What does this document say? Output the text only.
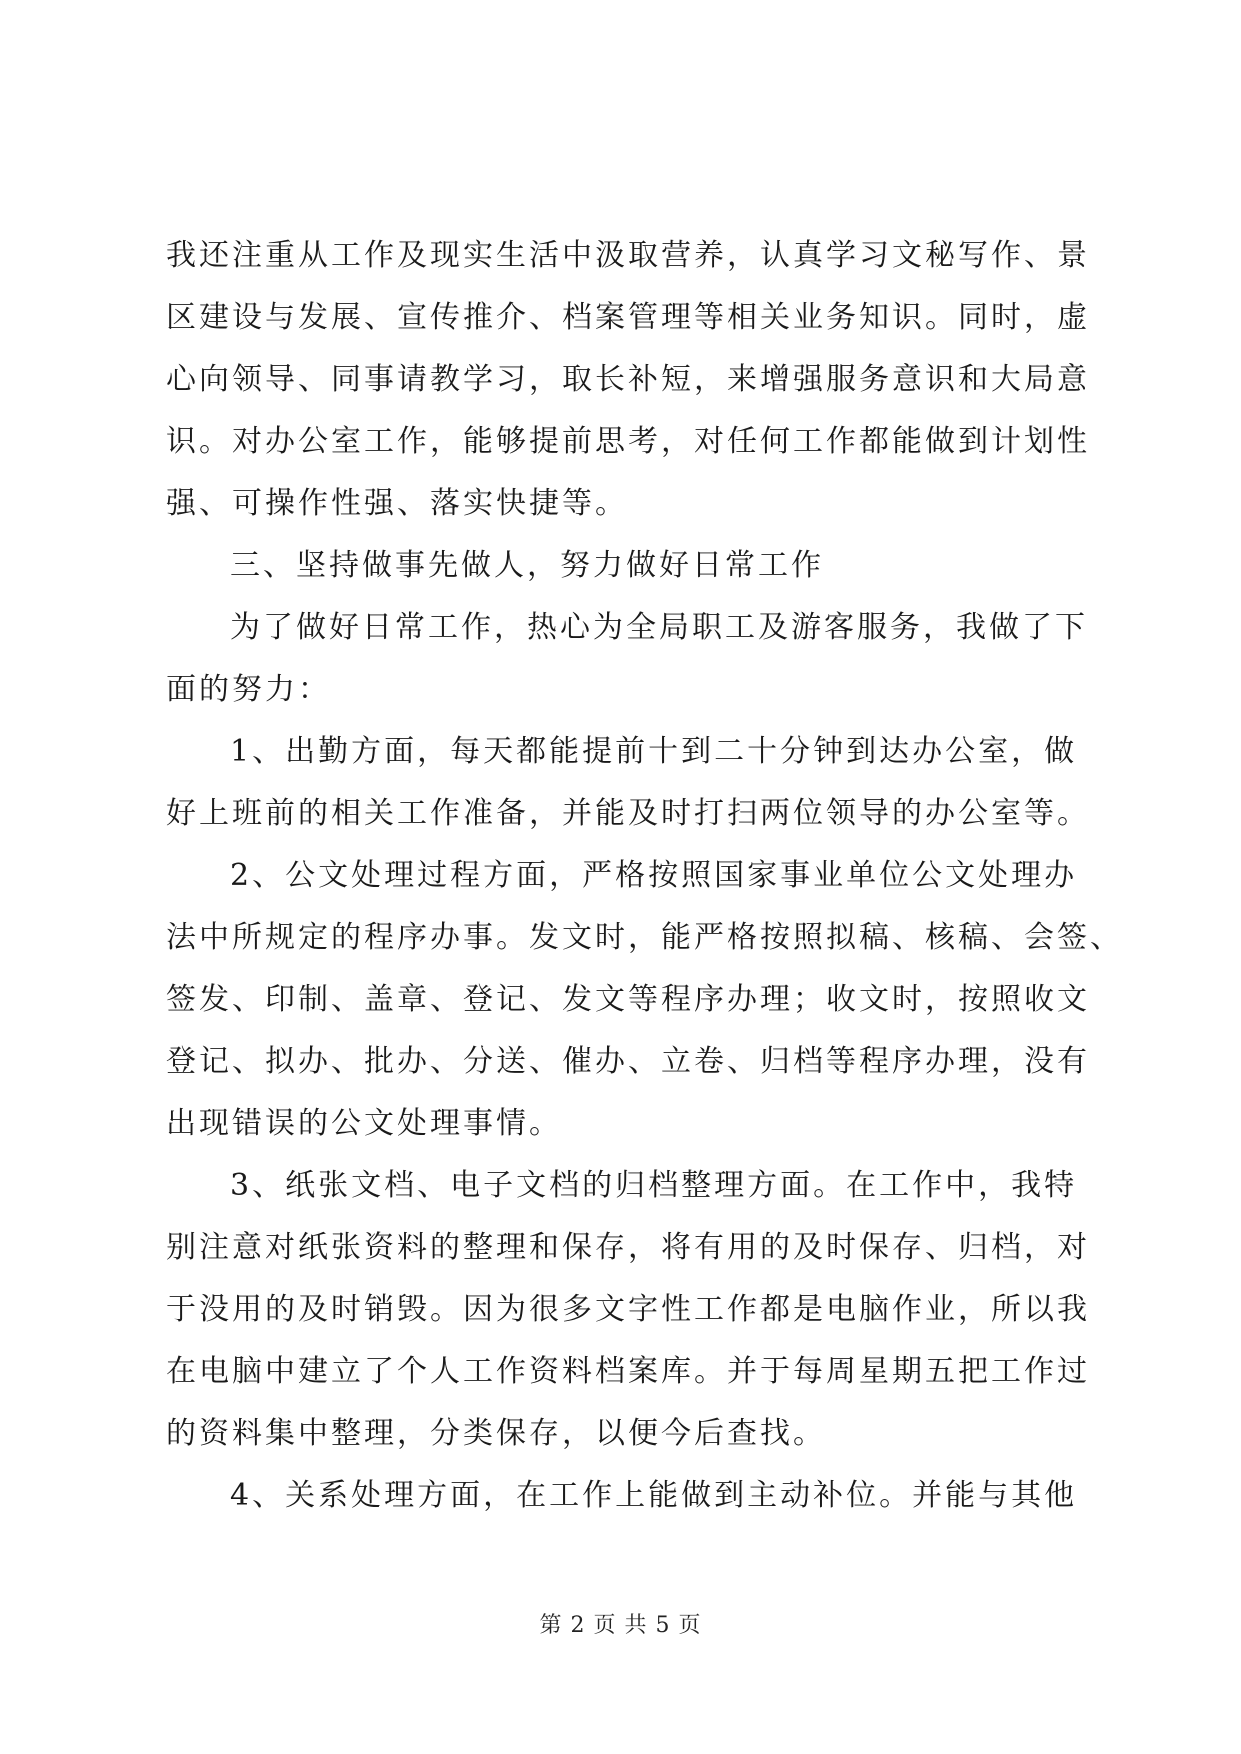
我还注重从工作及现实生活中汲取营养，认真学习文秘写作、景
区建设与发展、宣传推介、档案管理等相关业务知识。同时，虚
心向领导、同事请教学习，取长补短，来增强服务意识和大局意
识。对办公室工作，能够提前思考，对任何工作都能做到计划性
强、可操作性强、落实快捷等。
三、坚持做事先做人，努力做好日常工作
为了做好日常工作，热心为全局职工及游客服务，我做了下
面的努力：
1、出勤方面，每天都能提前十到二十分钟到达办公室，做
好上班前的相关工作准备，并能及时打扫两位领导的办公室等。
2、公文处理过程方面，严格按照国家事业单位公文处理办
法中所规定的程序办事。发文时，能严格按照拟稿、核稿、会签、
签发、印制、盖章、登记、发文等程序办理；收文时，按照收文
登记、拟办、批办、分送、催办、立卷、归档等程序办理，没有
出现错误的公文处理事情。
3、纸张文档、电子文档的归档整理方面。在工作中，我特
别注意对纸张资料的整理和保存，将有用的及时保存、归档，对
于没用的及时销毁。因为很多文字性工作都是电脑作业，所以我
在电脑中建立了个人工作资料档案库。并于每周星期五把工作过
的资料集中整理，分类保存，以便今后查找。
4、关系处理方面，在工作上能做到主动补位。并能与其他
第 2 页 共 5 页
